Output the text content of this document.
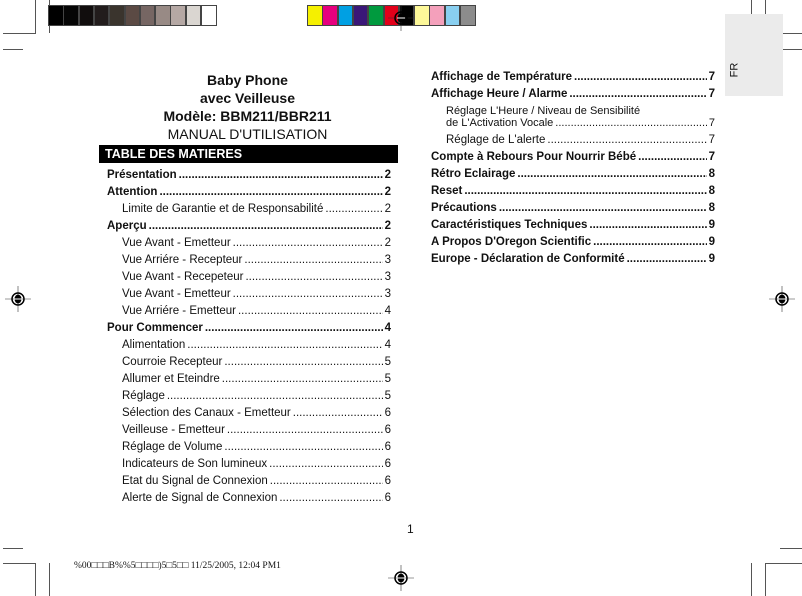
FR
Baby Phone
avec Veilleuse
Modèle: BBM211/BBR211
MANUAL D'UTILISATION
TABLE DES MATIERES
Présentation .....	2
Attention .....	2
Limite de Garantie et de Responsabilité .....	2
Aperçu .....	2
Vue Avant - Emetteur .....	2
Vue Arriére - Recepteur .....	3
Vue Avant - Recepeteur .....	3
Vue Avant - Emetteur .....	3
Vue Arriére - Emetteur .....	4
Pour Commencer .....	4
Alimentation .....	4
Courroie Recepteur .....	5
Allumer et Eteindre .....	5
Réglage .....	5
Sélection des Canaux - Emetteur .....	6
Veilleuse - Emetteur .....	6
Réglage de Volume .....	6
Indicateurs de Son lumineux .....	6
Etat du Signal de Connexion .....	6
Alerte de Signal de Connexion .....	6
Affichage de Température .....	7
Affichage Heure / Alarme .....	7
Réglage L'Heure / Niveau de Sensibilité
de L'Activation Vocale .....	7
Réglage de L'alerte .....	7
Compte à Rebours Pour Nourrir Bébé .....	7
Rétro Éclairage .....	8
Reset .....	8
Précautions .....	8
Caractéristiques Techniques .....	9
A Propos D'Oregon Scientific .....	9
Europe - Déclaration de Conformité .....	9
1
%00□□□B%%5□□□□)5□5□□ 11/25/2005, 12:04 PM1
